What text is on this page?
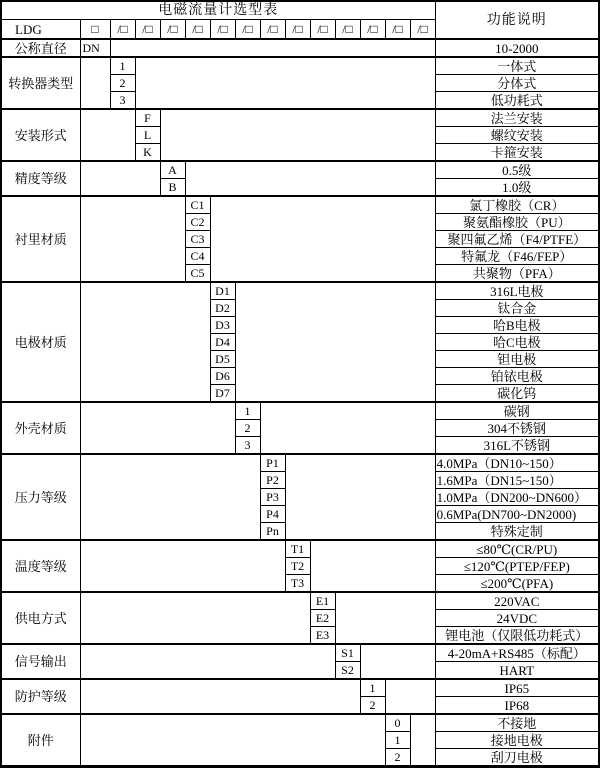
电磁流量计选型表															功能说明
LDG	□	/□	/□	/□	/□	/□	/□	/□	/□	/□	/□	/□	/□	/□	
公称直径	DN														10-2000
转换器类型		1													一体式
		2													分体式
		3													低功耗式
安装形式			F												法兰安装
			L												螺纹安装
			K												卡箍安装
精度等级				A											0.5级
				B											1.0级
衬里材质					C1										氯丁橡胶（CR）
					C2										聚氨酯橡胶（PU）
					C3										聚四氟乙烯（F4/PTFE）
					C4										特氟龙（F46/FEP）
					C5										共聚物（PFA）
电极材质						D1									316L电极
						D2									钛合金
						D3									哈B电极
						D4									哈C电极
						D5									钽电极
						D6									铂铱电极
						D7									碳化钨
外壳材质							1								碳钢
							2								304不锈钢
							3								316L不锈钢
压力等级								P1							4.0MPa（DN10~150）
								P2							1.6MPa（DN15~150）
								P3							1.0MPa（DN200~DN600）
								P4							0.6MPa(DN700~DN2000)
								Pn							特殊定制
温度等级									T1						≤80℃(CR/PU)
									T2						≤120℃(PTEP/FEP)
									T3						≤200℃(PFA)
供电方式										E1					220VAC
										E2					24VDC
										E3					锂电池（仅限低功耗式）
信号输出											S1				4-20mA+RS485（标配）
											S2				HART
防护等级												1			IP65
												2			IP68
附件													0		不接地
													1		接地电极
													2		刮刀电极
